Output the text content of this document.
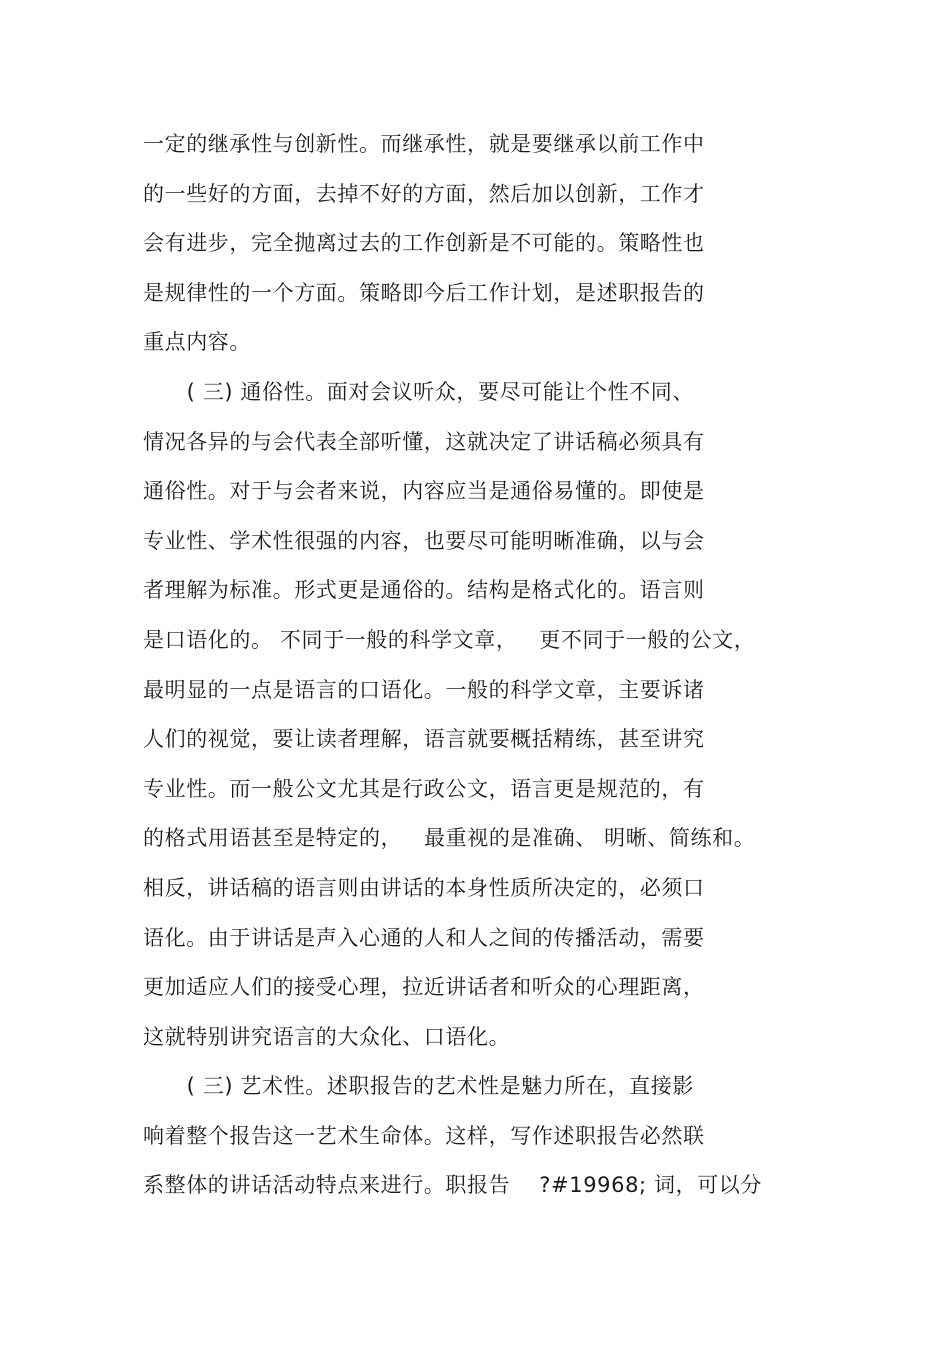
一定的继承性与创新性。而继承性，就是要继承以前工作中
的一些好的方面，去掉不好的方面，然后加以创新，工作才
会有进步，完全抛离过去的工作创新是不可能的。策略性也
是规律性的一个方面。策略即今后工作计划，是述职报告的
重点内容。
( 三) 通俗性。面对会议听众，要尽可能让个性不同、
情况各异的与会代表全部听懂，这就决定了讲话稿必须具有
通俗性。对于与会者来说，内容应当是通俗易懂的。即使是
专业性、学术性很强的内容，也要尽可能明晰准确，以与会
者理解为标准。形式更是通俗的。结构是格式化的。语言则
是口语化的。 不同于一般的科学文章，   更不同于一般的公文，
最明显的一点是语言的口语化。一般的科学文章，主要诉诸
人们的视觉，要让读者理解，语言就要概括精练，甚至讲究
专业性。而一般公文尤其是行政公文，语言更是规范的，有
的格式用语甚至是特定的，   最重视的是准确、 明晰、简练和。
相反，讲话稿的语言则由讲话的本身性质所决定的，必须口
语化。由于讲话是声入心通的人和人之间的传播活动，需要
更加适应人们的接受心理，拉近讲话者和听众的心理距离，
这就特别讲究语言的大众化、口语化。
( 三) 艺术性。述职报告的艺术性是魅力所在，直接影
响着整个报告这一艺术生命体。这样，写作述职报告必然联
系整体的讲话活动特点来进行。职报告    ?#19968; 词，可以分
